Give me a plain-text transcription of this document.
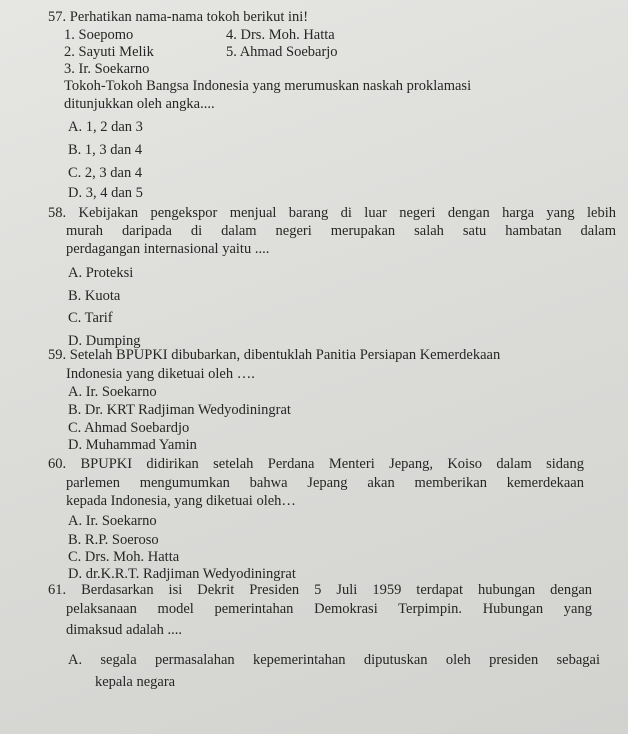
57. Perhatikan nama-nama tokoh berikut ini!
1. Soepomo	4. Drs. Moh. Hatta
2. Sayuti Melik	5. Ahmad Soebarjo
3. Ir. Soekarno
Tokoh-Tokoh Bangsa Indonesia yang merumuskan naskah proklamasi
ditunjukkan oleh angka....
A. 1, 2 dan 3
B. 1, 3 dan 4
C. 2, 3 dan 4
D. 3, 4 dan 5
58. Kebijakan pengekspor menjual barang di luar negeri dengan harga yang lebih
murah daripada di dalam negeri merupakan salah satu hambatan dalam
perdagangan internasional yaitu ....
A. Proteksi
B. Kuota
C. Tarif
D. Dumping
59. Setelah BPUPKI dibubarkan, dibentuklah Panitia Persiapan Kemerdekaan
Indonesia yang diketuai oleh ….
A. Ir. Soekarno
B. Dr. KRT Radjiman Wedyodiningrat
C. Ahmad Soebardjo
D. Muhammad Yamin
60. BPUPKI didirikan setelah Perdana Menteri Jepang, Koiso dalam sidang
parlemen mengumumkan bahwa Jepang akan memberikan kemerdekaan
kepada Indonesia, yang diketuai oleh…
A. Ir. Soekarno
B. R.P. Soeroso
C. Drs. Moh. Hatta
D. dr.K.R.T. Radjiman Wedyodiningrat
61. Berdasarkan isi Dekrit Presiden 5 Juli 1959 terdapat hubungan dengan
pelaksanaan model pemerintahan Demokrasi Terpimpin. Hubungan yang
dimaksud adalah ....
A. segala permasalahan kepemerintahan diputuskan oleh presiden sebagai
kepala negara
